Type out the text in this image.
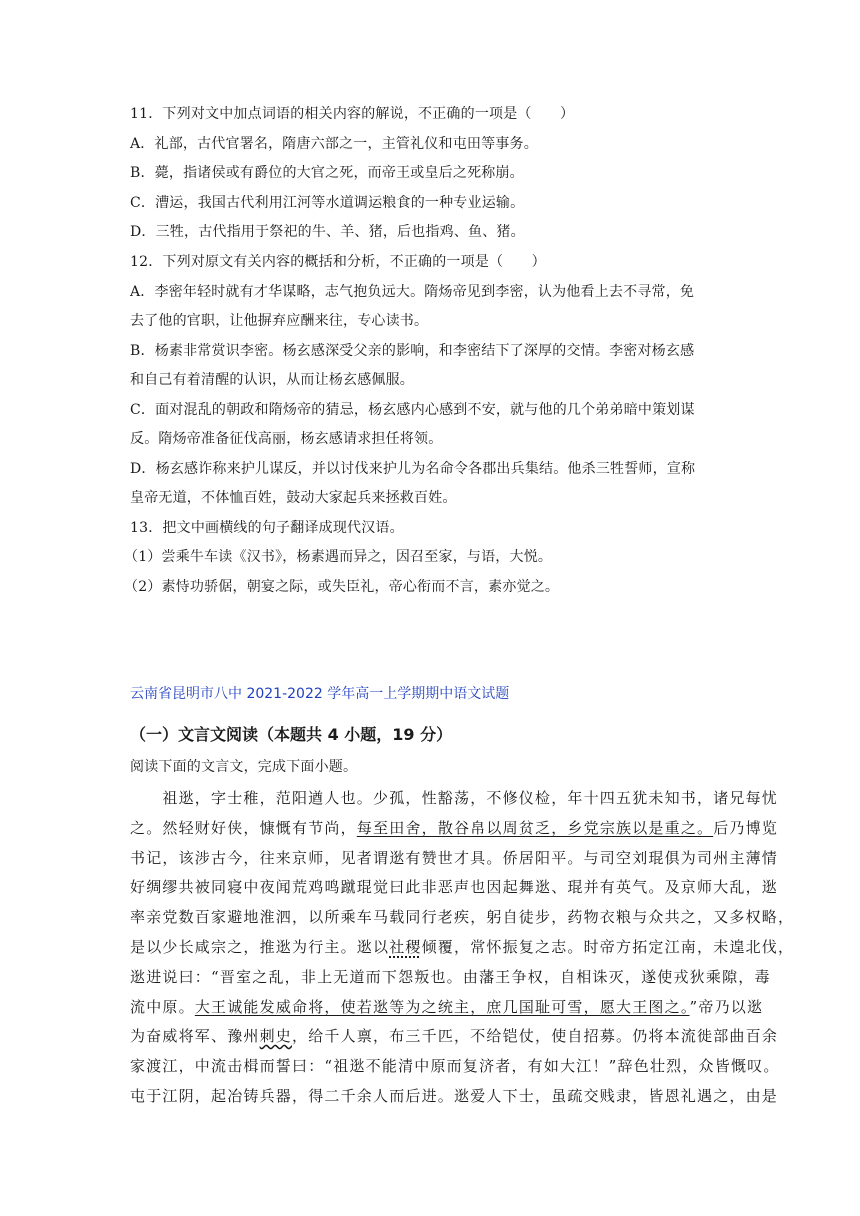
11．下列对文中加点词语的相关内容的解说，不正确的一项是（　　）
A．礼部，古代官署名，隋唐六部之一，主管礼仪和屯田等事务。
B．薨，指诸侯或有爵位的大官之死，而帝王或皇后之死称崩。
C．漕运，我国古代利用江河等水道调运粮食的一种专业运输。
D．三牲，古代指用于祭祀的牛、羊、猪，后也指鸡、鱼、猪。
12．下列对原文有关内容的概括和分析，不正确的一项是（　　）
A．李密年轻时就有才华谋略，志气抱负远大。隋炀帝见到李密，认为他看上去不寻常，免
去了他的官职，让他摒弃应酬来往，专心读书。
B．杨素非常赏识李密。杨玄感深受父亲的影响，和李密结下了深厚的交情。李密对杨玄感
和自己有着清醒的认识，从而让杨玄感佩服。
C．面对混乱的朝政和隋炀帝的猜忌，杨玄感内心感到不安，就与他的几个弟弟暗中策划谋
反。隋炀帝准备征伐高丽，杨玄感请求担任将领。
D．杨玄感诈称来护儿谋反，并以讨伐来护儿为名命令各郡出兵集结。他杀三牲誓师，宣称
皇帝无道，不体恤百姓，鼓动大家起兵来拯救百姓。
13．把文中画横线的句子翻译成现代汉语。
（1）尝乘牛车读《汉书》，杨素遇而异之，因召至家，与语，大悦。
（2）素恃功骄倨，朝宴之际，或失臣礼，帝心衔而不言，素亦觉之。
云南省昆明市八中 2021-2022 学年高一上学期期中语文试题
（一）文言文阅读（本题共 4 小题，19 分）
阅读下面的文言文，完成下面小题。
　　祖逖，字士稚，范阳遒人也。少孤，性豁荡，不修仪检，年十四五犹未知书，诸兄每忧
之。然轻财好侠，慷慨有节尚，每至田舍，散谷帛以周贫乏，乡党宗族以是重之。后乃博览
书记，该涉古今，往来京师，见者谓逖有赞世才具。侨居阳平。与司空刘琨俱为司州主薄情
好绸缪共被同寝中夜闻荒鸡鸣蹴琨觉曰此非恶声也因起舞逖、琨并有英气。及京师大乱，逖
率亲党数百家避地淮泗，以所乘车马载同行老疾，躬自徒步，药物衣粮与众共之，又多权略，
是以少长咸宗之，推逖为行主。逖以社稷倾覆，常怀振复之志。时帝方拓定江南，未遑北伐，
逖进说曰：“晋室之乱，非上无道而下怨叛也。由藩王争权，自相诛灭，遂使戎狄乘隙，毒
流中原。大王诚能发威命将，使若逖等为之统主，庶几国耻可雪，愿大王图之。”帝乃以逖
为奋威将军、豫州刺史，给千人禀，布三千匹，不给铠仗，使自招募。仍将本流徙部曲百余
家渡江，中流击楫而誓曰：“祖逖不能清中原而复济者，有如大江！”辞色壮烈，众皆慨叹。
屯于江阴，起冶铸兵器，得二千余人而后进。逖爱人下士，虽疏交贱隶，皆恩礼遇之，由是
